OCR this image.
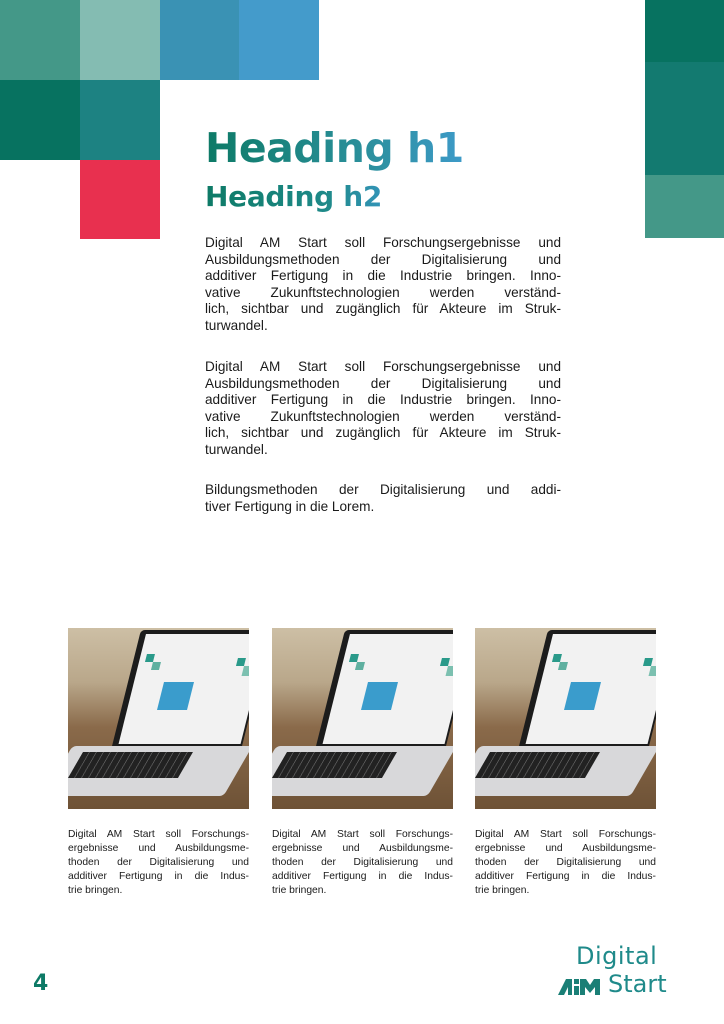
Heading h1
Heading h2
Digital AM Start soll Forschungsergebnisse und
Ausbildungsmethoden der Digitalisierung und
additiver Fertigung in die Industrie bringen. Inno-
vative Zukunftstechnologien werden verständ-
lich, sichtbar und zugänglich für Akteure im Struk-
turwandel.
Digital AM Start soll Forschungsergebnisse und
Ausbildungsmethoden der Digitalisierung und
additiver Fertigung in die Industrie bringen. Inno-
vative Zukunftstechnologien werden verständ-
lich, sichtbar und zugänglich für Akteure im Struk-
turwandel.
Bildungsmethoden der Digitalisierung und addi-
tiver Fertigung in die Lorem.
Digital AM Start soll Forschungs-
ergebnisse und Ausbildungsme-
thoden der Digitalisierung und
additiver Fertigung in die Indus-
trie bringen.
Digital AM Start soll Forschungs-
ergebnisse und Ausbildungsme-
thoden der Digitalisierung und
additiver Fertigung in die Indus-
trie bringen.
Digital AM Start soll Forschungs-
ergebnisse und Ausbildungsme-
thoden der Digitalisierung und
additiver Fertigung in die Indus-
trie bringen.
4
Digital
Start
